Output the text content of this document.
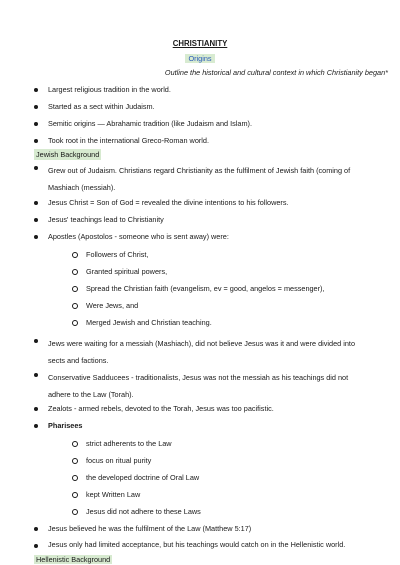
CHRISTIANITY
Origins
Outline the historical and cultural context in which Christianity began*
Largest religious tradition in the world.
Started as a sect within Judaism.
Semitic origins — Abrahamic tradition (like Judaism and Islam).
Took root in the international Greco-Roman world.
Jewish Background
Grew out of Judaism. Christians regard Christianity as the fulfilment of Jewish faith (coming of Mashiach (messiah).
Jesus Christ = Son of God = revealed the divine intentions to his followers.
Jesus' teachings lead to Christianity
Apostles (Apostolos - someone who is sent away) were:
Followers of Christ,
Granted spiritual powers,
Spread the Christian faith (evangelism, ev = good, angelos = messenger),
Were Jews, and
Merged Jewish and Christian teaching.
Jews were waiting for a messiah (Mashiach), did not believe Jesus was it and were divided into sects and factions.
Conservative Sadducees - traditionalists, Jesus was not the messiah as his teachings did not adhere to the Law (Torah).
Zealots - armed rebels, devoted to the Torah, Jesus was too pacifistic.
Pharisees
strict adherents to the Law
focus on ritual purity
the developed doctrine of Oral Law
kept Written Law
Jesus did not adhere to these Laws
Jesus believed he was the fulfilment of the Law (Matthew 5:17)
Jesus only had limited acceptance, but his teachings would catch on in the Hellenistic world.
Hellenistic Background
